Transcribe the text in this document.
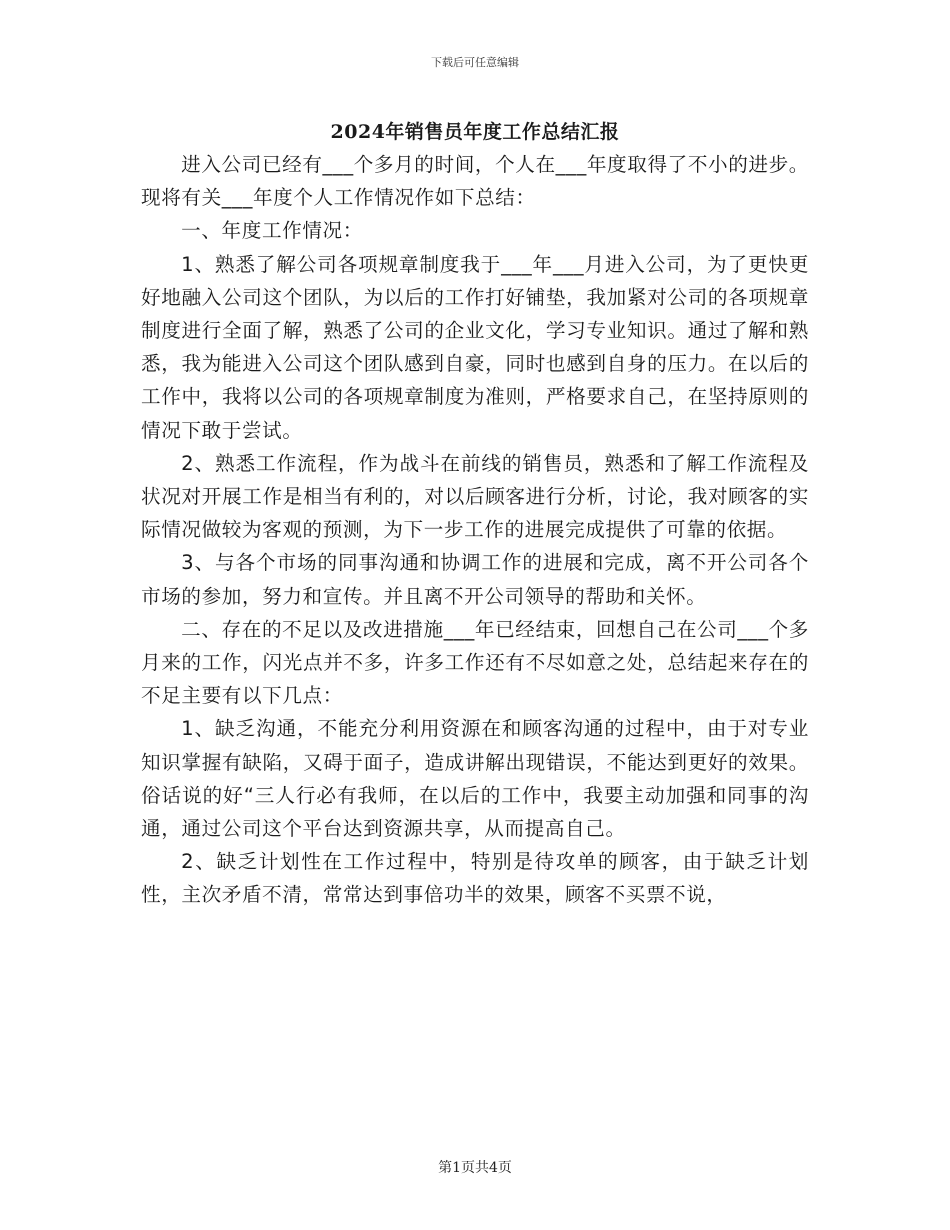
下载后可任意编辑
2024年销售员年度工作总结汇报

进入公司已经有___个多月的时间，个人在___年度取得了不小的进步。现将有关___年度个人工作情况作如下总结：

一、年度工作情况：

1、熟悉了解公司各项规章制度我于___年___月进入公司，为了更快更好地融入公司这个团队，为以后的工作打好铺垫，我加紧对公司的各项规章制度进行全面了解，熟悉了公司的企业文化，学习专业知识。通过了解和熟悉，我为能进入公司这个团队感到自豪，同时也感到自身的压力。在以后的工作中，我将以公司的各项规章制度为准则，严格要求自己，在坚持原则的情况下敢于尝试。

2、熟悉工作流程，作为战斗在前线的销售员，熟悉和了解工作流程及状况对开展工作是相当有利的，对以后顾客进行分析，讨论，我对顾客的实际情况做较为客观的预测，为下一步工作的进展完成提供了可靠的依据。

3、与各个市场的同事沟通和协调工作的进展和完成，离不开公司各个市场的参加，努力和宣传。并且离不开公司领导的帮助和关怀。

二、存在的不足以及改进措施___年已经结束，回想自己在公司___个多月来的工作，闪光点并不多，许多工作还有不尽如意之处，总结起来存在的不足主要有以下几点：

1、缺乏沟通，不能充分利用资源在和顾客沟通的过程中，由于对专业知识掌握有缺陷，又碍于面子，造成讲解出现错误，不能达到更好的效果。俗话说的好“三人行必有我师，在以后的工作中，我要主动加强和同事的沟通，通过公司这个平台达到资源共享，从而提高自己。

2、缺乏计划性在工作过程中，特别是待攻单的顾客，由于缺乏计划性，主次矛盾不清，常常达到事倍功半的效果，顾客不买票不说，

第1页共4页
